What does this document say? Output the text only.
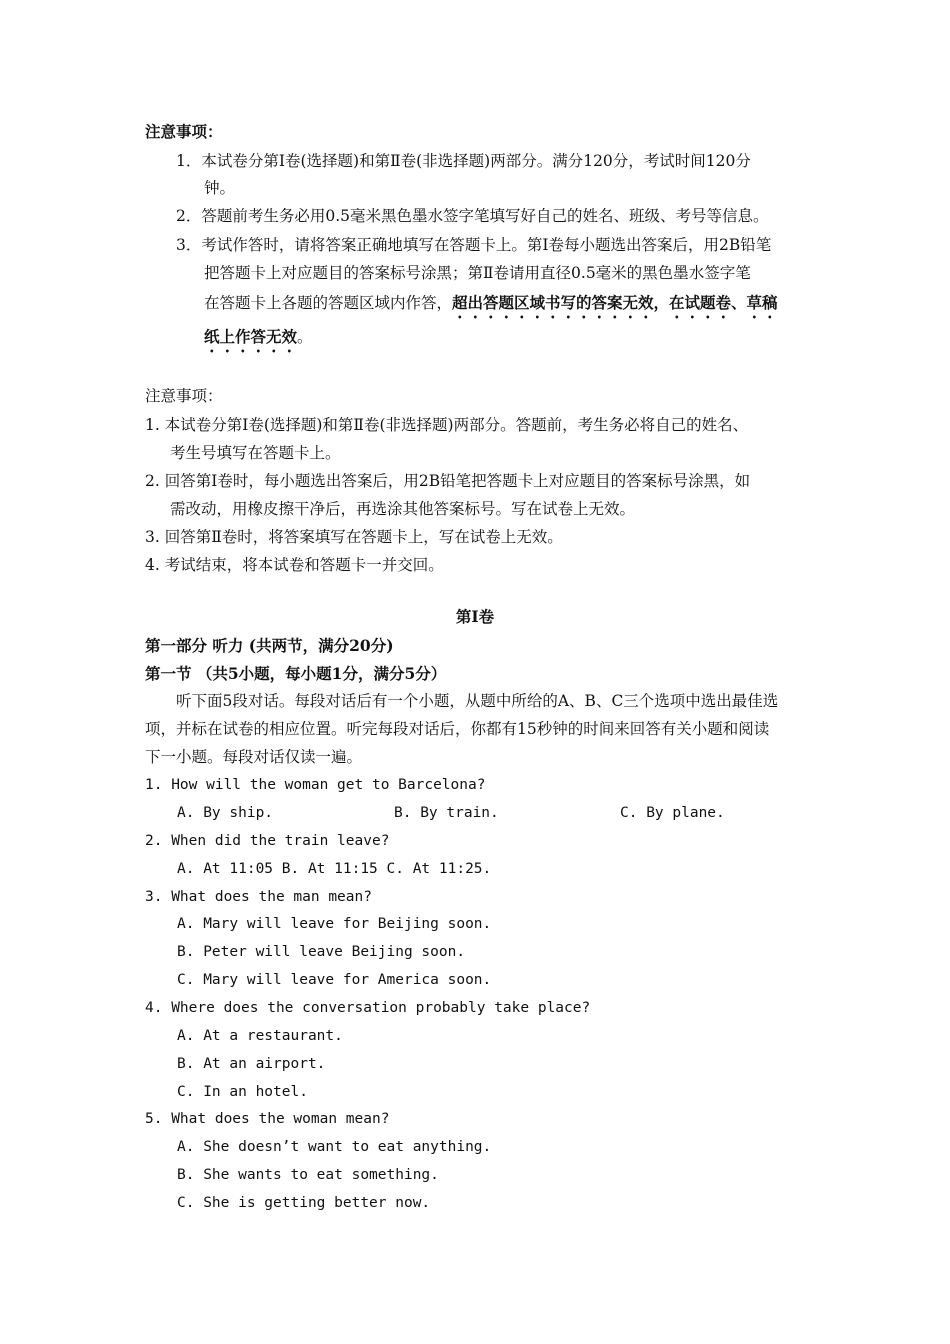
注意事项：
1．本试卷分第Ⅰ卷(选择题)和第Ⅱ卷(非选择题)两部分。满分120分，考试时间120分
钟。
2．答题前考生务必用0.5毫米黑色墨水签字笔填写好自己的姓名、班级、考号等信息。
3．考试作答时，请将答案正确地填写在答题卡上。第Ⅰ卷每小题选出答案后，用2B铅笔
把答题卡上对应题目的答案标号涂黑；第Ⅱ卷请用直径0.5毫米的黑色墨水签字笔
在答题卡上各题的答题区域内作答，超出答题区域书写的答案无效，在试题卷、草稿
纸上作答无效。
注意事项：
1. 本试卷分第Ⅰ卷(选择题)和第Ⅱ卷(非选择题)两部分。答题前，考生务必将自己的姓名、
考生号填写在答题卡上。
2. 回答第Ⅰ卷时，每小题选出答案后，用2B铅笔把答题卡上对应题目的答案标号涂黑，如
需改动，用橡皮擦干净后，再选涂其他答案标号。写在试卷上无效。
3. 回答第Ⅱ卷时，将答案填写在答题卡上，写在试卷上无效。
4. 考试结束，将本试卷和答题卡一并交回。
第Ⅰ卷
第一部分 听力 (共两节，满分20分)
第一节 （共5小题，每小题1分，满分5分）
听下面5段对话。每段对话后有一个小题，从题中所给的A、B、C三个选项中选出最佳选
项，并标在试卷的相应位置。听完每段对话后，你都有15秒钟的时间来回答有关小题和阅读
下一小题。每段对话仅读一遍。
1. How will the woman get to Barcelona?
A. By ship.	B. By train.	C. By plane.
2. When did the train leave?
A. At 11:05 B. At 11:15 C. At 11:25.
3. What does the man mean?
A. Mary will leave for Beijing soon.
B. Peter will leave Beijing soon.
C. Mary will leave for America soon.
4. Where does the conversation probably take place?
A. At a restaurant.
B. At an airport.
C. In an hotel.
5. What does the woman mean?
A. She doesn’t want to eat anything.
B. She wants to eat something.
C. She is getting better now.
